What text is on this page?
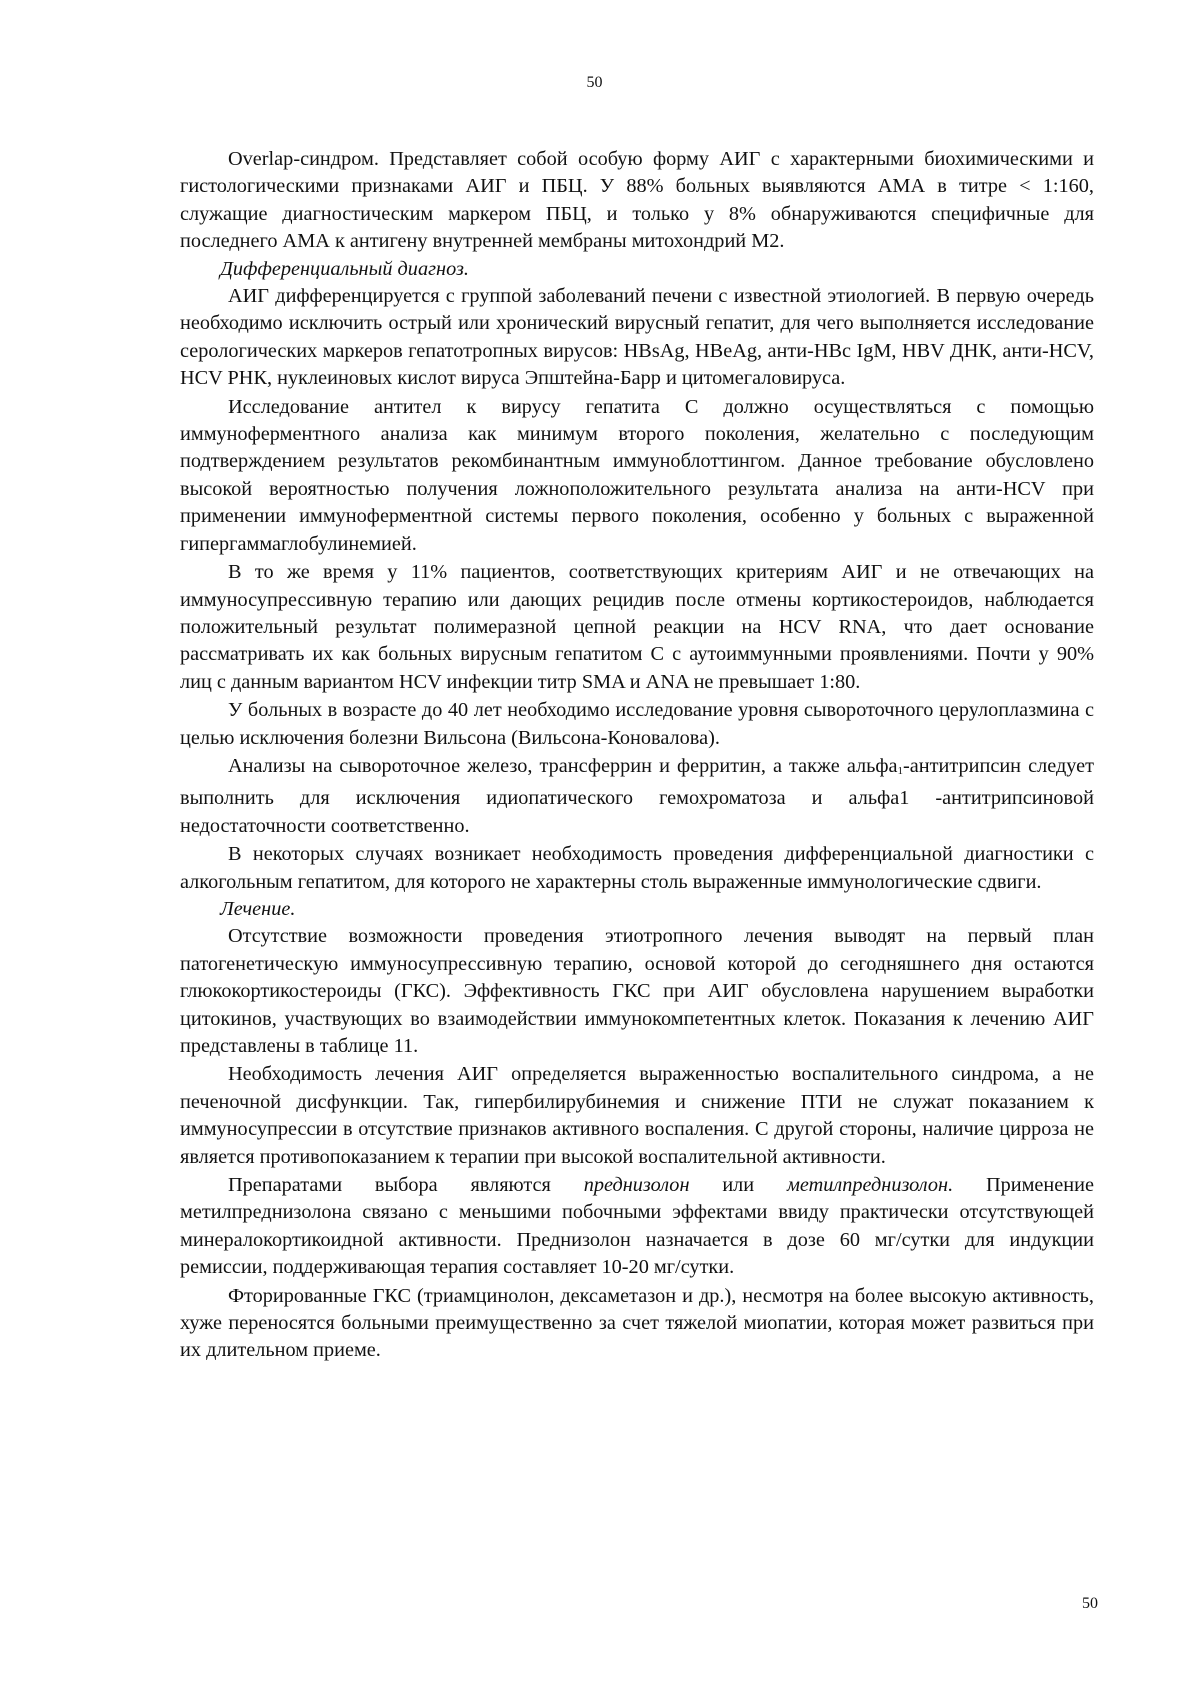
50

Overlap-синдром. Представляет собой особую форму АИГ с характерными биохимическими и гистологическими признаками АИГ и ПБЦ. У 88% больных выявляются АМА в титре < 1:160, служащие диагностическим маркером ПБЦ, и только у 8% обнаруживаются специфичные для последнего АМА к антигену внутренней мембраны митохондрий М2.

Дифференциальный диагноз.

АИГ дифференцируется с группой заболеваний печени с известной этиологией. В первую очередь необходимо исключить острый или хронический вирусный гепатит, для чего выполняется исследование серологических маркеров гепатотропных вирусов: HBsAg, HBeAg, анти-HBc IgM, HBV ДНК, анти-HCV, HCV РНК, нуклеиновых кислот вируса Эпштейна-Барр и цитомегаловируса.

Исследование антител к вирусу гепатита С должно осуществляться с помощью иммуноферментного анализа как минимум второго поколения, желательно с последующим подтверждением результатов рекомбинантным иммуноблоттингом. Данное требование обусловлено высокой вероятностью получения ложноположительного результата анализа на анти-HCV при применении иммуноферментной системы первого поколения, особенно у больных с выраженной гипергаммаглобулинемией.

В то же время у 11% пациентов, соответствующих критериям АИГ и не отвечающих на иммуносупрессивную терапию или дающих рецидив после отмены кортикостероидов, наблюдается положительный результат полимеразной цепной реакции на HCV RNA, что дает основание рассматривать их как больных вирусным гепатитом С с аутоиммунными проявлениями. Почти у 90% лиц с данным вариантом HCV инфекции титр SMA и ANA не превышает 1:80.

У больных в возрасте до 40 лет необходимо исследование уровня сывороточного церулоплазмина с целью исключения болезни Вильсона (Вильсона-Коновалова).

Анализы на сывороточное железо, трансферрин и ферритин, а также альфа$_1$-антитрипсин следует выполнить для исключения идиопатического гемохроматоза и альфа1 -антитрипсиновой недостаточности соответственно.

В некоторых случаях возникает необходимость проведения дифференциальной диагностики с алкогольным гепатитом, для которого не характерны столь выраженные иммунологические сдвиги.

Лечение.

Отсутствие возможности проведения этиотропного лечения выводят на первый план патогенетическую иммуносупрессивную терапию, основой которой до сегодняшнего дня остаются глюкокортикостероиды (ГКС). Эффективность ГКС при АИГ обусловлена нарушением выработки цитокинов, участвующих во взаимодействии иммунокомпетентных клеток. Показания к лечению АИГ представлены в таблице 11.

Необходимость лечения АИГ определяется выраженностью воспалительного синдрома, а не печеночной дисфункции. Так, гипербилирубинемия и снижение ПТИ не служат показанием к иммуносупрессии в отсутствие признаков активного воспаления. С другой стороны, наличие цирроза не является противопоказанием к терапии при высокой воспалительной активности.

Препаратами выбора являются преднизолон или метилпреднизолон. Применение метилпреднизолона связано с меньшими побочными эффектами ввиду практически отсутствующей минералокортикоидной активности. Преднизолон назначается в дозе 60 мг/сутки для индукции ремиссии, поддерживающая терапия составляет 10-20 мг/сутки.

Фторированные ГКС (триамцинолон, дексаметазон и др.), несмотря на более высокую активность, хуже переносятся больными преимущественно за счет тяжелой миопатии, которая может развиться при их длительном приеме.

50
